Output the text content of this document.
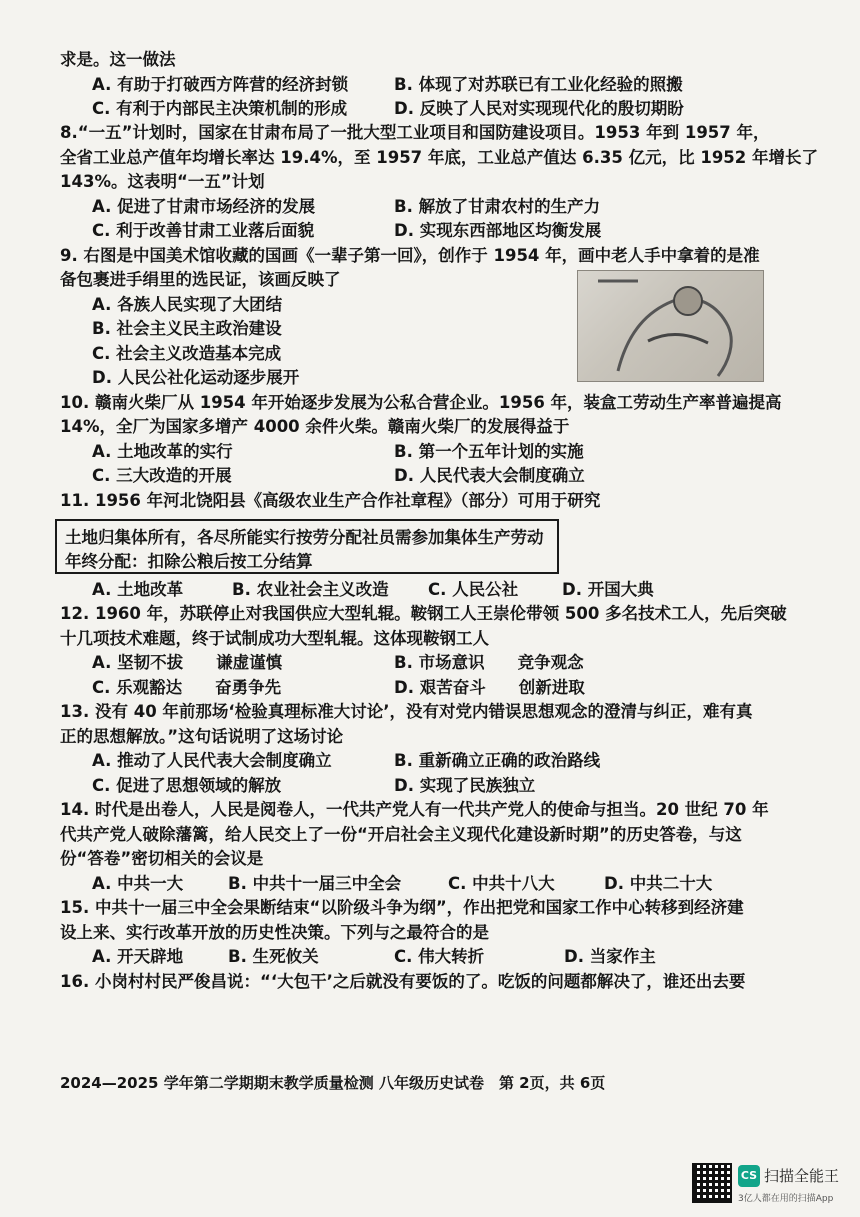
求是。这一做法
A. 有助于打破西方阵营的经济封锁	B. 体现了对苏联已有工业化经验的照搬
C. 有利于内部民主决策机制的形成	D. 反映了人民对实现现代化的殷切期盼
8.“一五”计划时，国家在甘肃布局了一批大型工业项目和国防建设项目。1953 年到 1957 年，
全省工业总产值年均增长率达 19.4%，至 1957 年底，工业总产值达 6.35 亿元，比 1952 年增长了
143%。这表明“一五”计划
A. 促进了甘肃市场经济的发展	B. 解放了甘肃农村的生产力
C. 利于改善甘肃工业落后面貌	D. 实现东西部地区均衡发展
9. 右图是中国美术馆收藏的国画《一辈子第一回》，创作于 1954 年，画中老人手中拿着的是准
备包裹进手绢里的选民证，该画反映了
A. 各族人民实现了大团结
B. 社会主义民主政治建设
C. 社会主义改造基本完成
D. 人民公社化运动逐步展开
10. 赣南火柴厂从 1954 年开始逐步发展为公私合营企业。1956 年，装盒工劳动生产率普遍提高
14%，全厂为国家多增产 4000 余件火柴。赣南火柴厂的发展得益于
A. 土地改革的实行	B. 第一个五年计划的实施
C. 三大改造的开展	D. 人民代表大会制度确立
11. 1956 年河北饶阳县《高级农业生产合作社章程》（部分）可用于研究
土地归集体所有，各尽所能实行按劳分配社员需参加集体生产劳动
年终分配：扣除公粮后按工分结算
A. 土地改革	B. 农业社会主义改造 C. 人民公社	D. 开国大典
12. 1960 年，苏联停止对我国供应大型轧辊。鞍钢工人王崇伦带领 500 多名技术工人，先后突破
十几项技术难题，终于试制成功大型轧辊。这体现鞍钢工人
A. 坚韧不拔　　谦虚谨慎	B. 市场意识　　竞争观念
C. 乐观豁达　　奋勇争先	D. 艰苦奋斗　　创新进取
13. 没有 40 年前那场‘检验真理标准大讨论’，没有对党内错误思想观念的澄清与纠正，难有真
正的思想解放。”这句话说明了这场讨论
A. 推动了人民代表大会制度确立	B. 重新确立正确的政治路线
C. 促进了思想领域的解放	D. 实现了民族独立
14. 时代是出卷人，人民是阅卷人，一代共产党人有一代共产党人的使命与担当。20 世纪 70 年
代共产党人破除藩篱，给人民交上了一份“开启社会主义现代化建设新时期”的历史答卷，与这
份“答卷”密切相关的会议是
A. 中共一大	B. 中共十一届三中全会	C. 中共十八大	D. 中共二十大
15. 中共十一届三中全会果断结束“以阶级斗争为纲”，作出把党和国家工作中心转移到经济建
设上来、实行改革开放的历史性决策。下列与之最符合的是
A. 开天辟地	B. 生死攸关	C. 伟大转折	D. 当家作主
16. 小岗村村民严俊昌说：“‘大包干’之后就没有要饭的了。吃饭的问题都解决了，谁还出去要
2024—2025 学年第二学期期末教学质量检测 八年级历史试卷　第 2页，共 6页
CS 扫描全能王
3亿人都在用的扫描App
